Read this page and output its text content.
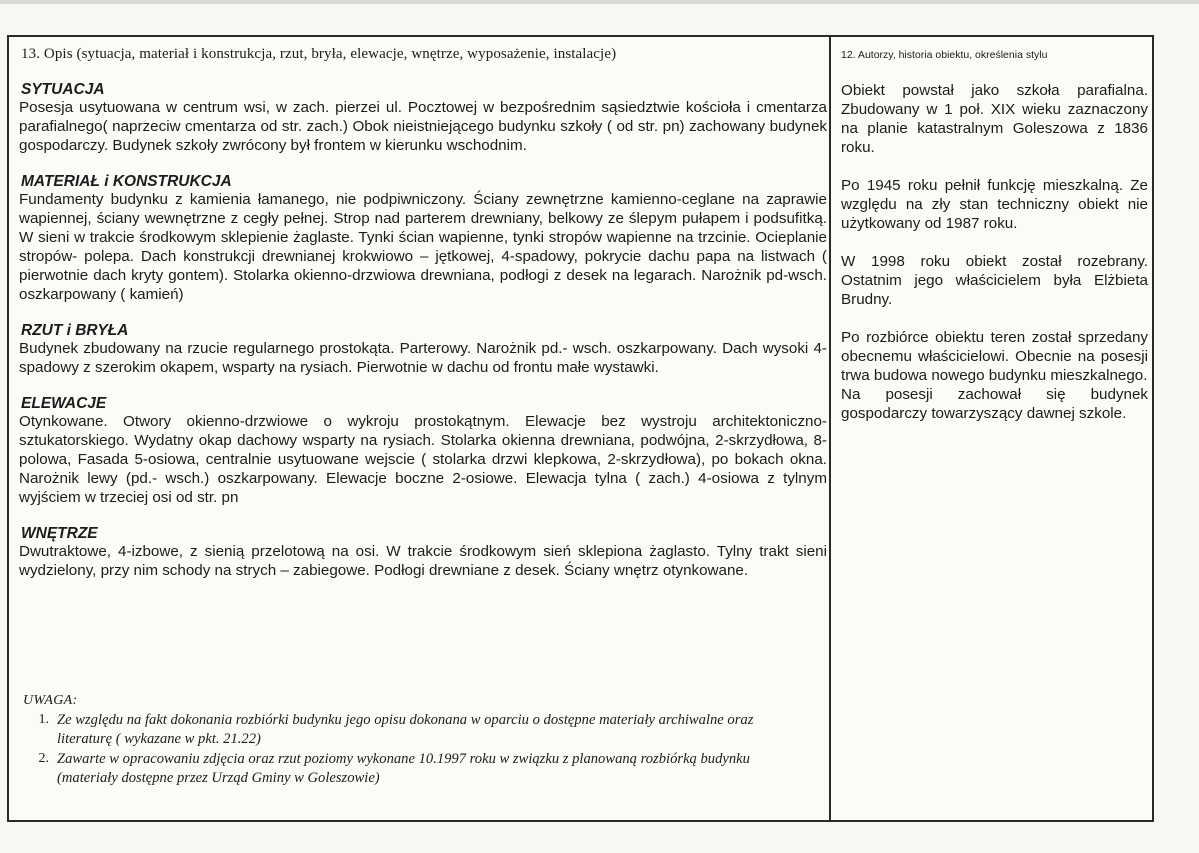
13. Opis (sytuacja, materiał i konstrukcja, rzut, bryła, elewacje, wnętrze, wyposażenie, instalacje)
SYTUACJA

Posesja usytuowana w centrum wsi, w zach. pierzei ul. Pocztowej w bezpośrednim sąsiedztwie kościoła i cmentarza parafialnego( naprzeciw cmentarza od str. zach.) Obok nieistniejącego budynku szkoły ( od str. pn) zachowany budynek gospodarczy. Budynek szkoły zwrócony był frontem w kierunku wschodnim.

MATERIAŁ i KONSTRUKCJA

Fundamenty budynku z kamienia łamanego, nie podpiwniczony. Ściany zewnętrzne kamienno-ceglane na zaprawie wapiennej, ściany wewnętrzne z cegły pełnej. Strop nad parterem drewniany, belkowy ze ślepym pułapem i podsufitką. W sieni w trakcie środkowym sklepienie żaglaste. Tynki ścian wapienne, tynki stropów wapienne na trzcinie. Ocieplanie stropów- polepa. Dach konstrukcji drewnianej krokwiowo – jętkowej, 4-spadowy, pokrycie dachu papa na listwach ( pierwotnie dach kryty gontem). Stolarka okienno-drzwiowa drewniana, podłogi z desek na legarach. Narożnik pd-wsch. oszkarpowany ( kamień)

RZUT i BRYŁA

Budynek zbudowany na rzucie regularnego prostokąta. Parterowy. Narożnik pd.- wsch. oszkarpowany. Dach wysoki 4-spadowy z szerokim okapem, wsparty na rysiach. Pierwotnie w dachu od frontu małe wystawki.

ELEWACJE

Otynkowane. Otwory okienno-drzwiowe o wykroju prostokątnym. Elewacje bez wystroju architektoniczno-sztukatorskiego. Wydatny okap dachowy wsparty na rysiach. Stolarka okienna drewniana, podwójna, 2-skrzydłowa, 8-polowa, Fasada 5-osiowa, centralnie usytuowane wejscie ( stolarka drzwi klepkowa, 2-skrzydłowa), po bokach okna. Narożnik lewy (pd.- wsch.) oszkarpowany. Elewacje boczne 2-osiowe. Elewacja tylna ( zach.) 4-osiowa z tylnym wyjściem w trzeciej osi od str. pn

WNĘTRZE

Dwutraktowe, 4-izbowe, z sienią przelotową na osi. W trakcie środkowym sień sklepiona żaglasto. Tylny trakt sieni wydzielony, przy nim schody na strych – zabiegowe. Podłogi drewniane z desek. Ściany wnętrz otynkowane.

UWAGA:
1. Ze względu na fakt dokonania rozbiórki budynku jego opisu dokonana w oparciu o dostępne materiały archiwalne oraz literaturę ( wykazane w pkt. 21.22)
2. Zawarte w opracowaniu zdjęcia oraz rzut poziomy wykonane 10.1997 roku w związku z planowaną rozbiórką budynku (materiały dostępne przez Urząd Gminy w Goleszowie)
12. Autorzy, historia obiektu, określenia stylu

Obiekt powstał jako szkoła parafialna. Zbudowany w 1 poł. XIX wieku zaznaczony na planie katastralnym Goleszowa z 1836 roku.

Po 1945 roku pełnił funkcję mieszkalną. Ze względu na zły stan techniczny obiekt nie użytkowany od 1987 roku.

W 1998 roku obiekt został rozebrany. Ostatnim jego właścicielem była Elżbieta Brudny.

Po rozbiórce obiektu teren został sprzedany obecnemu właścicielowi. Obecnie na posesji trwa budowa nowego budynku mieszkalnego.

Na posesji zachował się budynek gospodarczy towarzyszący dawnej szkole.
